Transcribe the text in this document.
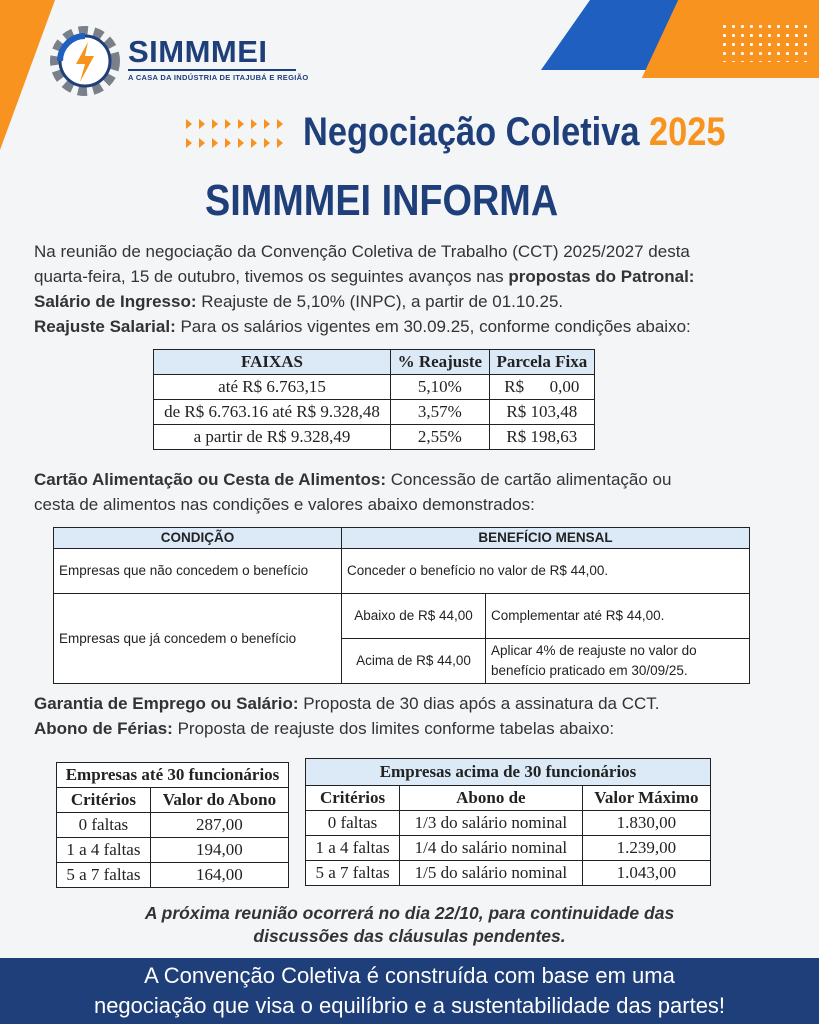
SIMMMEI
A CASA DA INDÚSTRIA DE ITAJUBÁ E REGIÃO
Negociação Coletiva 2025
SIMMMEI INFORMA
Na reunião de negociação da Convenção Coletiva de Trabalho (CCT) 2025/2027 desta
quarta-feira, 15 de outubro, tivemos os seguintes avanços nas propostas do Patronal:
Salário de Ingresso: Reajuste de 5,10% (INPC), a partir de 01.10.25.
Reajuste Salarial: Para os salários vigentes em 30.09.25, conforme condições abaixo:
FAIXAS	% Reajuste	Parcela Fixa
até R$ 6.763,15	5,10%	R$      0,00
de R$ 6.763.16 até R$ 9.328,48	3,57%	R$ 103,48
a partir de R$ 9.328,49	2,55%	R$ 198,63
Cartão Alimentação ou Cesta de Alimentos: Concessão de cartão alimentação ou
cesta de alimentos nas condições e valores abaixo demonstrados:
CONDIÇÃO	BENEFÍCIO MENSAL	
Empresas que não concedem o benefício	Conceder o benefício no valor de R$ 44,00.	
Empresas que já concedem o benefício	Abaixo de R$ 44,00	Complementar até R$ 44,00.
	Acima de R$ 44,00	Aplicar 4% de reajuste no valor do benefício praticado em 30/09/25.
Garantia de Emprego ou Salário: Proposta de 30 dias após a assinatura da CCT.
Abono de Férias: Proposta de reajuste dos limites conforme tabelas abaixo:
Empresas até 30 funcionários	
Critérios	Valor do Abono
0 faltas	287,00
1 a 4 faltas	194,00
5 a 7 faltas	164,00
Empresas acima de 30 funcionários		
Critérios	Abono de	Valor Máximo
0 faltas	1/3 do salário nominal	1.830,00
1 a 4 faltas	1/4 do salário nominal	1.239,00
5 a 7 faltas	1/5 do salário nominal	1.043,00
A próxima reunião ocorrerá no dia 22/10, para continuidade das
discussões das cláusulas pendentes.
A Convenção Coletiva é construída com base em uma
negociação que visa o equilíbrio e a sustentabilidade das partes!
